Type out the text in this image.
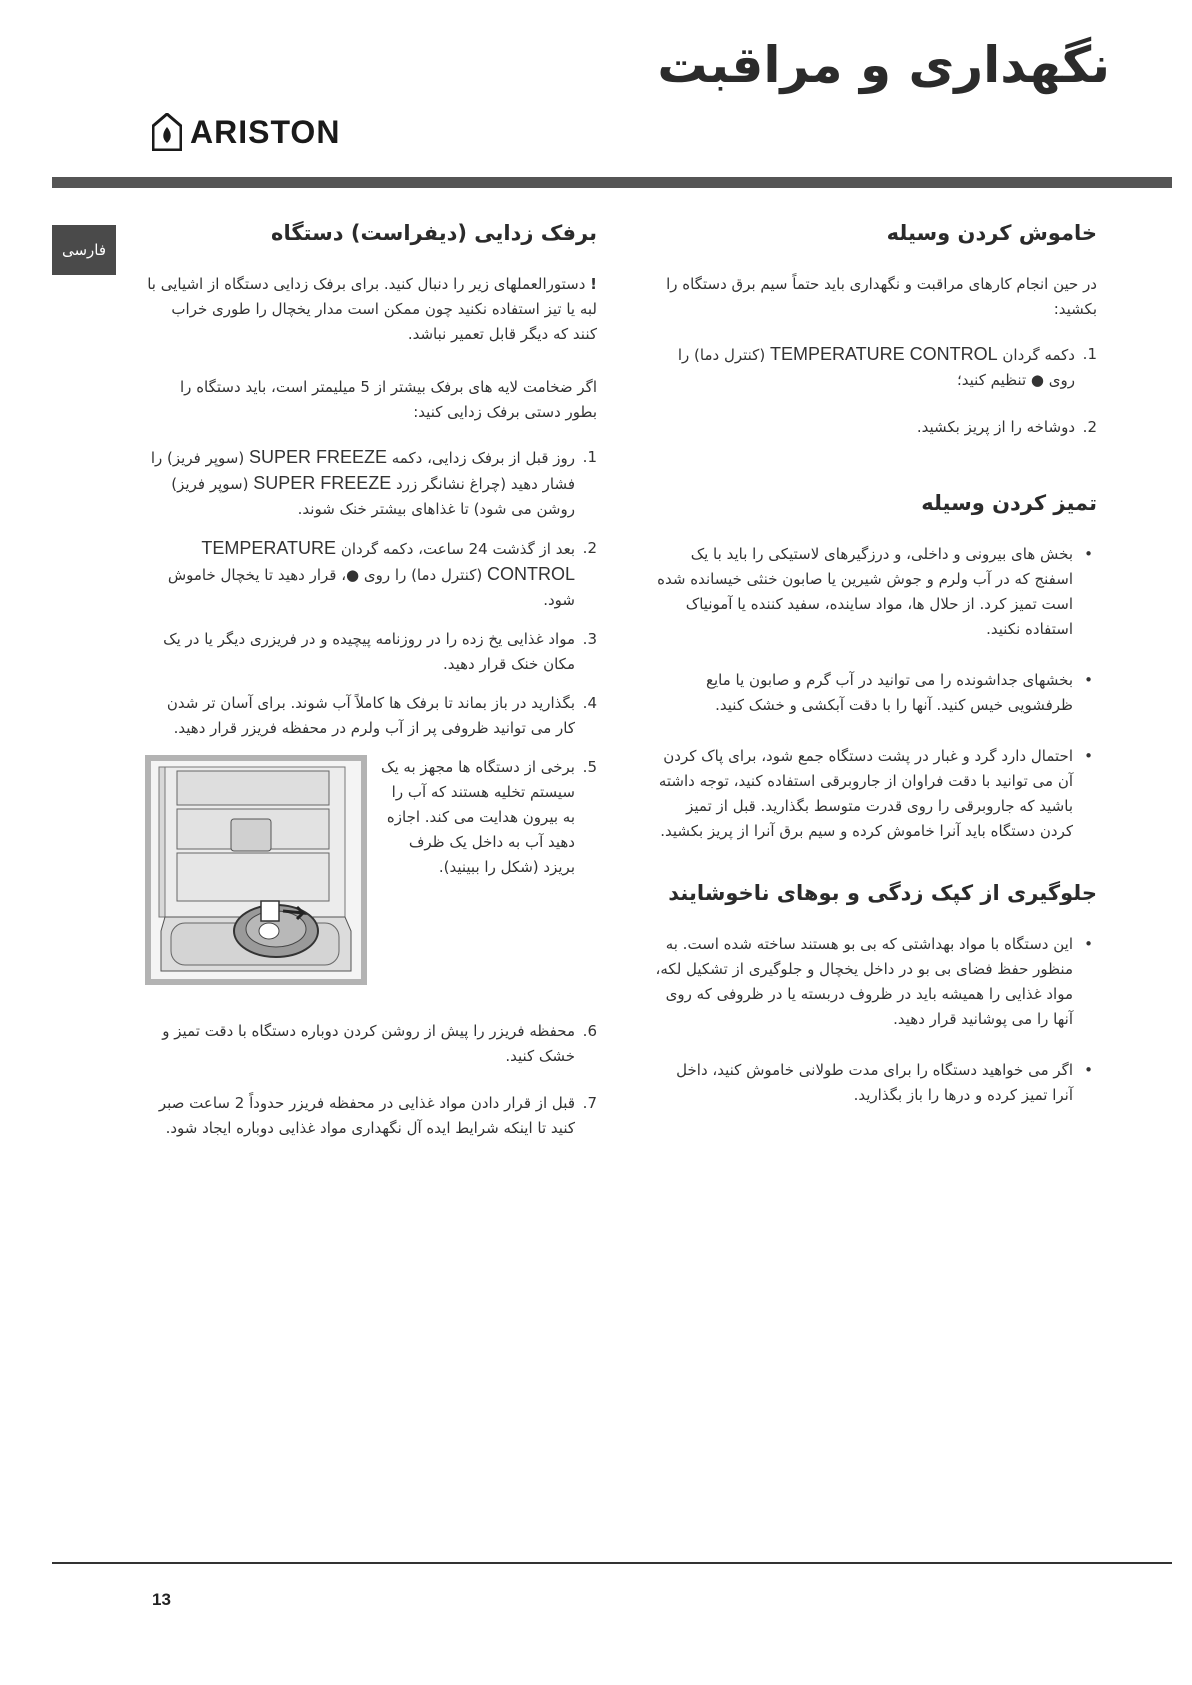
نگهداری و مراقبت
ARISTON
فارسی
خاموش کردن وسیله

در حین انجام کارهای مراقبت و نگهداری باید حتماً سیم برق دستگاه را بکشید:

1.
دکمه گردان TEMPERATURE CONTROL (کنترل دما) را روی ● تنظیم کنید؛
2.
دوشاخه را از پریز بکشید.
تمیز کردن وسیله
• بخش های بیرونی و داخلی، و درزگیرهای لاستیکی را باید با یک اسفنج که در آب ولرم و جوش شیرین یا صابون خنثی خیسانده شده است تمیز کرد. از حلال ها، مواد ساینده، سفید کننده یا آمونیاک استفاده نکنید.
• بخشهای جداشونده را می توانید در آب گرم و صابون یا مایع ظرفشویی خیس کنید. آنها را با دقت آبکشی و خشک کنید.
• احتمال دارد گرد و غبار در پشت دستگاه جمع شود، برای پاک کردن آن می توانید با دقت فراوان از جاروبرقی استفاده کنید، توجه داشته باشید که جاروبرقی را روی قدرت متوسط بگذارید. قبل از تمیز کردن دستگاه باید آنرا خاموش کرده و سیم برق آنرا از پریز بکشید.
جلوگیری از کپک زدگی و بوهای ناخوشایند
• این دستگاه با مواد بهداشتی که بی بو هستند ساخته شده است. به منظور حفظ فضای بی بو در داخل یخچال و جلوگیری از تشکیل لکه، مواد غذایی را همیشه باید در ظروف دربسته یا در ظروفی که روی آنها را می پوشانید قرار دهید.
• اگر می خواهید دستگاه را برای مدت طولانی خاموش کنید، داخل آنرا تمیز کرده و درها را باز بگذارید.
برفک زدایی (دیفراست) دستگاه

! دستورالعملهای زیر را دنبال کنید. برای برفک زدایی دستگاه از اشیایی با لبه یا تیز استفاده نکنید چون ممکن است مدار یخچال را طوری خراب کنند که دیگر قابل تعمیر نباشد.

اگر ضخامت لایه های برفک بیشتر از 5 میلیمتر است، باید دستگاه را بطور دستی برفک زدایی کنید:

1.
روز قبل از برفک زدایی، دکمه SUPER FREEZE (سوپر فریز) را فشار دهید (چراغ نشانگر زرد SUPER FREEZE (سوپر فریز) روشن می شود) تا غذاهای بیشتر خنک شوند.
2.
بعد از گذشت 24 ساعت، دکمه گردان TEMPERATURE CONTROL (کنترل دما) را روی ●، قرار دهید تا یخچال خاموش شود.
3.
مواد غذایی یخ زده را در روزنامه پیچیده و در فریزری دیگر یا در یک مکان خنک قرار دهید.
4.
بگذارید در باز بماند تا برفک ها کاملاً آب شوند. برای آسان تر شدن کار می توانید ظروفی پر از آب ولرم در محفظه فریزر قرار دهید.
5.
برخی از دستگاه ها مجهز به یک سیستم تخلیه هستند که آب را به بیرون هدایت می کند. اجازه دهید آب به داخل یک ظرف بریزد (شکل را ببینید).
6.
محفظه فریزر را پیش از روشن کردن دوباره دستگاه با دقت تمیز و خشک کنید.
7.
قبل از قرار دادن مواد غذایی در محفظه فریزر حدوداً 2 ساعت صبر کنید تا اینکه شرایط ایده آل نگهداری مواد غذایی دوباره ایجاد شود.
13
